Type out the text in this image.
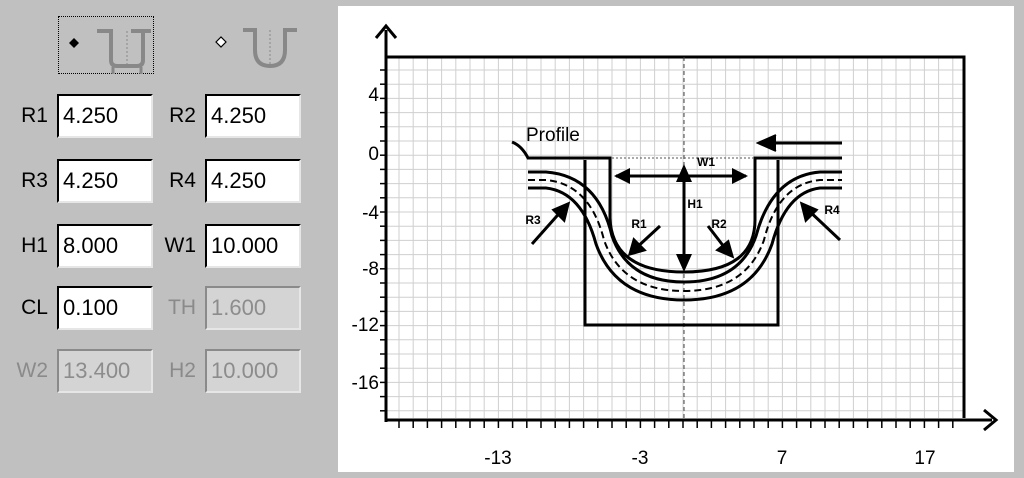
R1 4.250	R2 4.250
R3 4.250	R4 4.250
H1 8.000	W1 10.000
CL 0.100	TH 1.600
W2 13.400	H2 10.000
-13	-3	7	17
4
0
-4
-8
-12
-16
Profile
W1
H1
R1	R2
R3
R4
